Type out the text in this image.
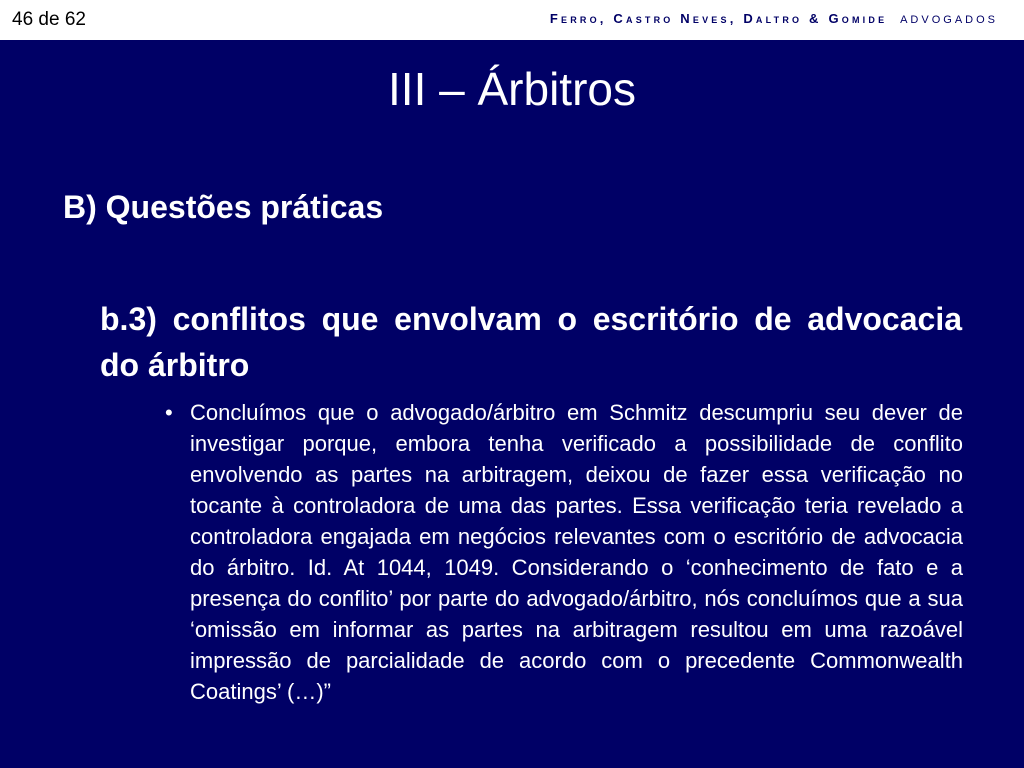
46 de 62	Ferro, Castro Neves, Daltro & Gomide ADVOGADOS
III – Árbitros
B) Questões práticas
b.3) conflitos que envolvam o escritório de advocacia do árbitro
• Concluímos que o advogado/árbitro em Schmitz descumpriu seu dever de investigar porque, embora tenha verificado a possibilidade de conflito envolvendo as partes na arbitragem, deixou de fazer essa verificação no tocante à controladora de uma das partes. Essa verificação teria revelado a controladora engajada em negócios relevantes com o escritório de advocacia do árbitro. Id. At 1044, 1049. Considerando o ‘conhecimento de fato e a presença do conflito’ por parte do advogado/árbitro, nós concluímos que a sua ‘omissão em informar as partes na arbitragem resultou em uma razoável impressão de parcialidade de acordo com o precedente Commonwealth Coatings’ (…)”
